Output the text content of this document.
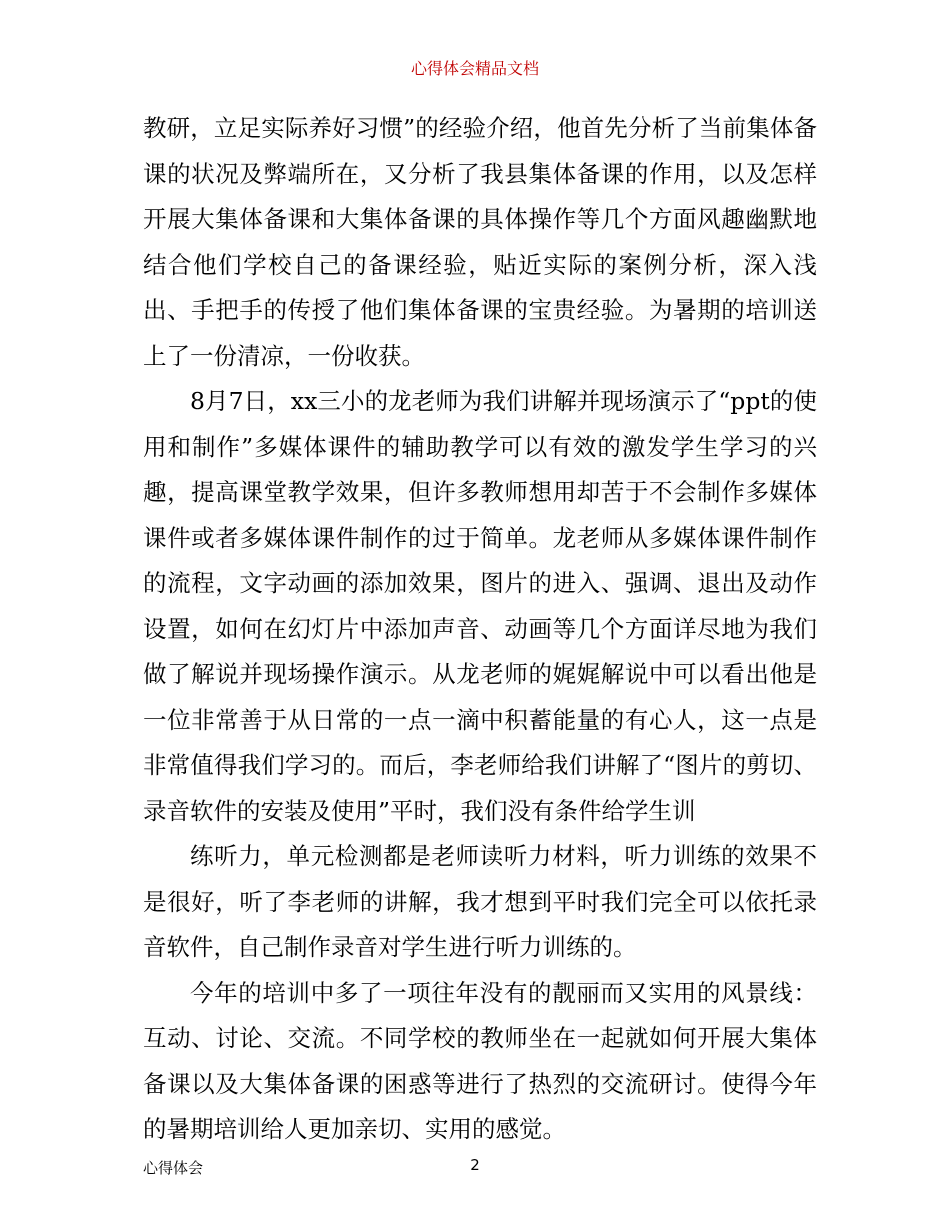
心得体会精品文档

教研，立足实际养好习惯”的经验介绍，他首先分析了当前集体备课的状况及弊端所在，又分析了我县集体备课的作用，以及怎样开展大集体备课和大集体备课的具体操作等几个方面风趣幽默地结合他们学校自己的备课经验，贴近实际的案例分析，深入浅出、手把手的传授了他们集体备课的宝贵经验。为暑期的培训送上了一份清凉，一份收获。

8月7日，xx三小的龙老师为我们讲解并现场演示了“ppt的使用和制作”多媒体课件的辅助教学可以有效的激发学生学习的兴趣，提高课堂教学效果，但许多教师想用却苦于不会制作多媒体课件或者多媒体课件制作的过于简单。龙老师从多媒体课件制作的流程，文字动画的添加效果，图片的进入、强调、退出及动作设置，如何在幻灯片中添加声音、动画等几个方面详尽地为我们做了解说并现场操作演示。从龙老师的娓娓解说中可以看出他是一位非常善于从日常的一点一滴中积蓄能量的有心人，这一点是非常值得我们学习的。而后，李老师给我们讲解了“图片的剪切、录音软件的安装及使用”平时，我们没有条件给学生训

练听力，单元检测都是老师读听力材料，听力训练的效果不是很好，听了李老师的讲解，我才想到平时我们完全可以依托录音软件，自己制作录音对学生进行听力训练的。

今年的培训中多了一项往年没有的靓丽而又实用的风景线：互动、讨论、交流。不同学校的教师坐在一起就如何开展大集体备课以及大集体备课的困惑等进行了热烈的交流研讨。使得今年的暑期培训给人更加亲切、实用的感觉。

心得体会	2
